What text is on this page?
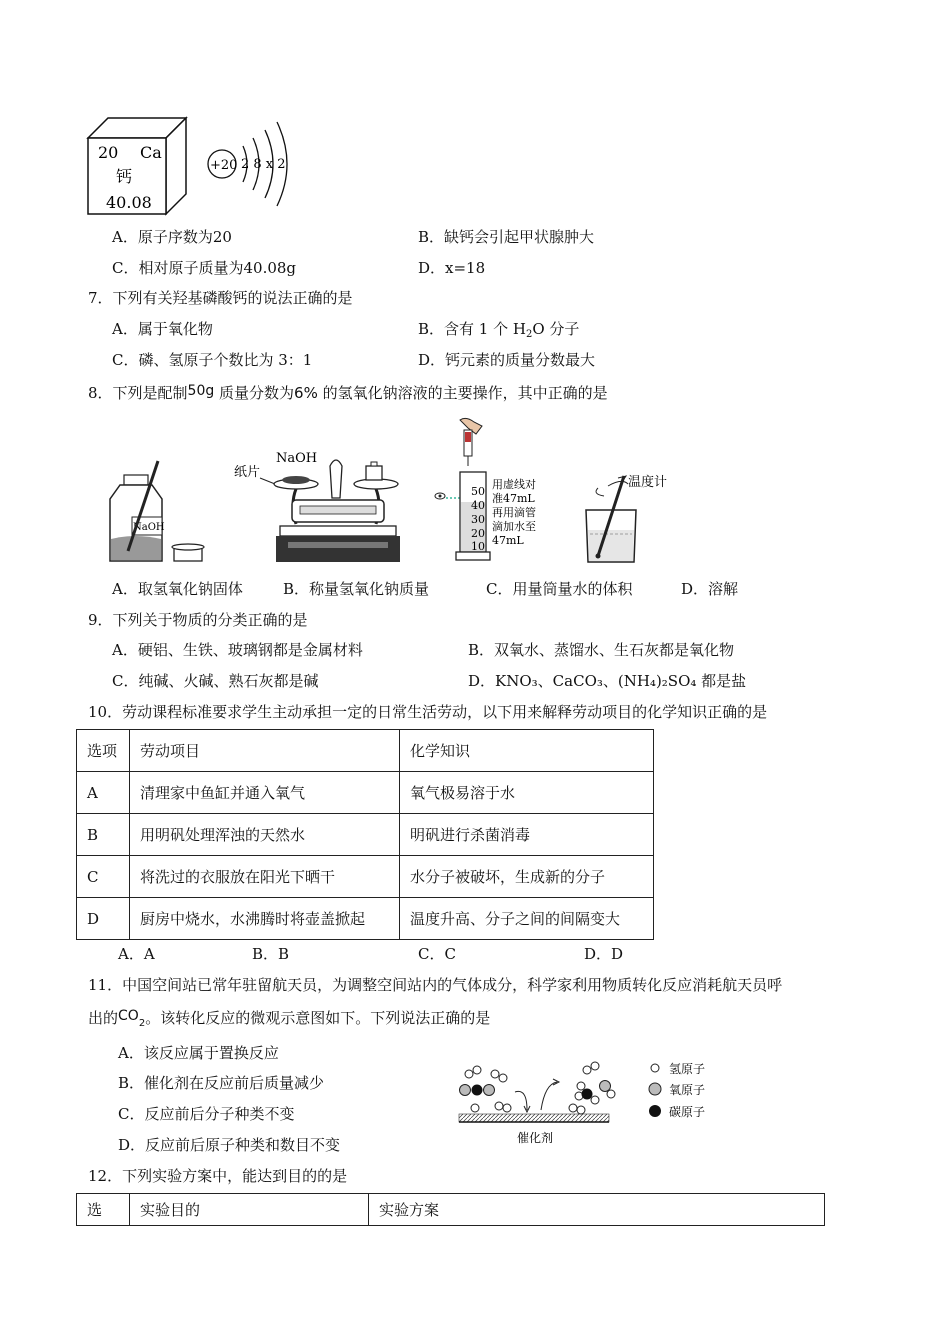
20 Ca
钙
40.08
+20 2 8 x 2
A．原子序数为20	B．缺钙会引起甲状腺肿大
C．相对原子质量为40.08g	D．x=18
7．下列有关羟基磷酸钙的说法正确的是
A．属于氧化物	B．含有 1 个 $H_2O$ 分子
C．磷、氢原子个数比为 3：1	D．钙元素的质量分数最大
8．下列是配制50g 质量分数为6% 的氢氧化钠溶液的主要操作，其中正确的是
NaOH
NaOH
纸片
50
40
30
20
10
用虚线对
准47mL
再用滴管
滴加水至
47mL
温度计
A．取氢氧化钠固体	B．称量氢氧化钠质量	C．用量筒量水的体积	D．溶解
9．下列关于物质的分类正确的是
A．硬铝、生铁、玻璃钢都是金属材料	B．双氧水、蒸馏水、生石灰都是氧化物
C．纯碱、火碱、熟石灰都是碱	D．KNO₃、CaCO₃、(NH₄)₂SO₄ 都是盐
10．劳动课程标准要求学生主动承担一定的日常生活劳动，以下用来解释劳动项目的化学知识正确的是
选项	劳动项目	化学知识
A	清理家中鱼缸并通入氧气	氧气极易溶于水
B	用明矾处理浑浊的天然水	明矾进行杀菌消毒
C	将洗过的衣服放在阳光下晒干	水分子被破坏，生成新的分子
D	厨房中烧水，水沸腾时将壶盖掀起	温度升高、分子之间的间隔变大
A．A	B．B	C．C	D．D
11．中国空间站已常年驻留航天员，为调整空间站内的气体成分，科学家利用物质转化反应消耗航天员呼
出的$CO_2$。该转化反应的微观示意图如下。下列说法正确的是
A．该反应属于置换反应
B．催化剂在反应前后质量减少
C．反应前后分子种类不变
D．反应前后原子种类和数目不变	催化剂
氢原子
氧原子
碳原子
12．下列实验方案中，能达到目的的是
选	实验目的	实验方案
